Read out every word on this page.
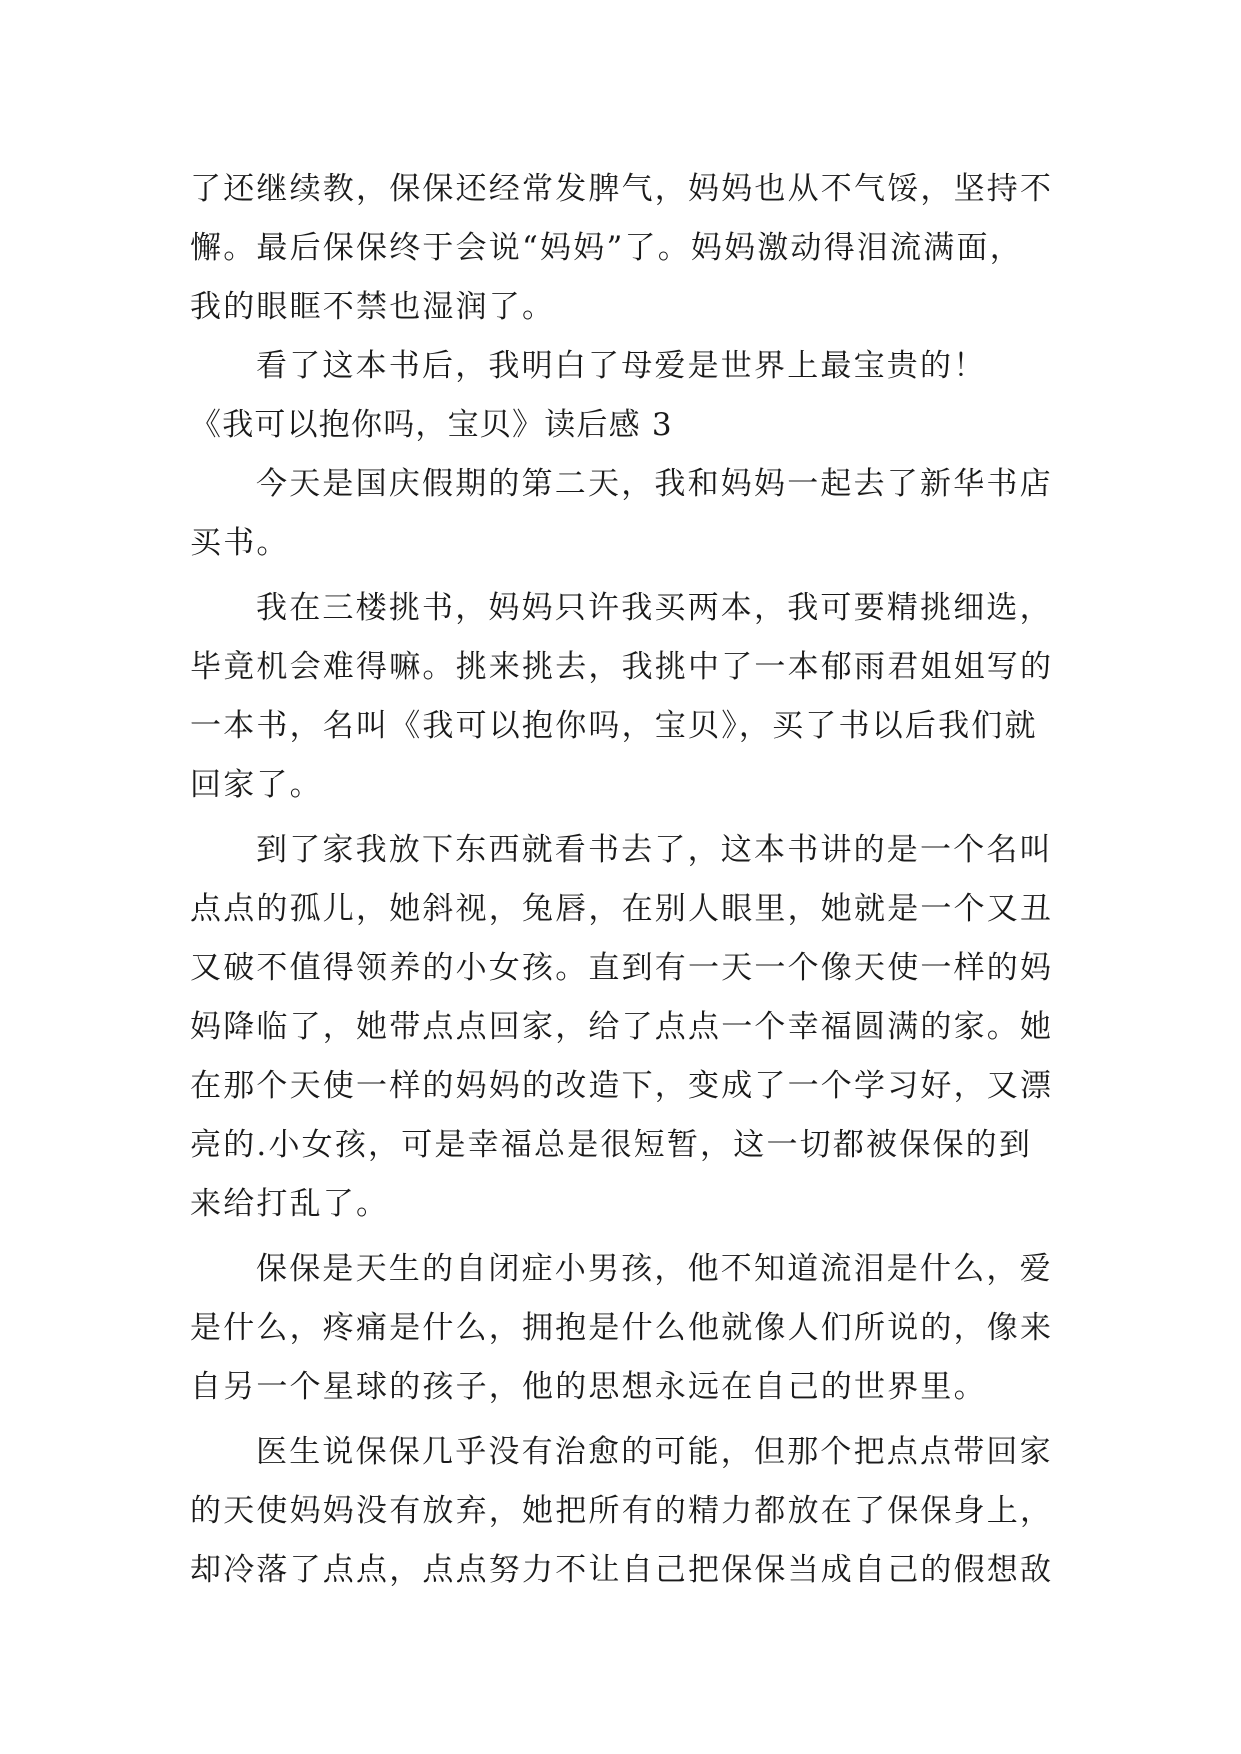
了还继续教，保保还经常发脾气，妈妈也从不气馁，坚持不
懈。最后保保终于会说“妈妈”了。妈妈激动得泪流满面，
我的眼眶不禁也湿润了。
看了这本书后，我明白了母爱是世界上最宝贵的！
《我可以抱你吗，宝贝》读后感 3
今天是国庆假期的第二天，我和妈妈一起去了新华书店
买书。
我在三楼挑书，妈妈只许我买两本，我可要精挑细选，
毕竟机会难得嘛。挑来挑去，我挑中了一本郁雨君姐姐写的
一本书，名叫《我可以抱你吗，宝贝》，买了书以后我们就
回家了。
到了家我放下东西就看书去了，这本书讲的是一个名叫
点点的孤儿，她斜视，兔唇，在别人眼里，她就是一个又丑
又破不值得领养的小女孩。直到有一天一个像天使一样的妈
妈降临了，她带点点回家，给了点点一个幸福圆满的家。她
在那个天使一样的妈妈的改造下，变成了一个学习好，又漂
亮的.小女孩，可是幸福总是很短暂，这一切都被保保的到
来给打乱了。
保保是天生的自闭症小男孩，他不知道流泪是什么，爱
是什么，疼痛是什么，拥抱是什么他就像人们所说的，像来
自另一个星球的孩子，他的思想永远在自己的世界里。
医生说保保几乎没有治愈的可能，但那个把点点带回家
的天使妈妈没有放弃，她把所有的精力都放在了保保身上，
却冷落了点点，点点努力不让自己把保保当成自己的假想敌
